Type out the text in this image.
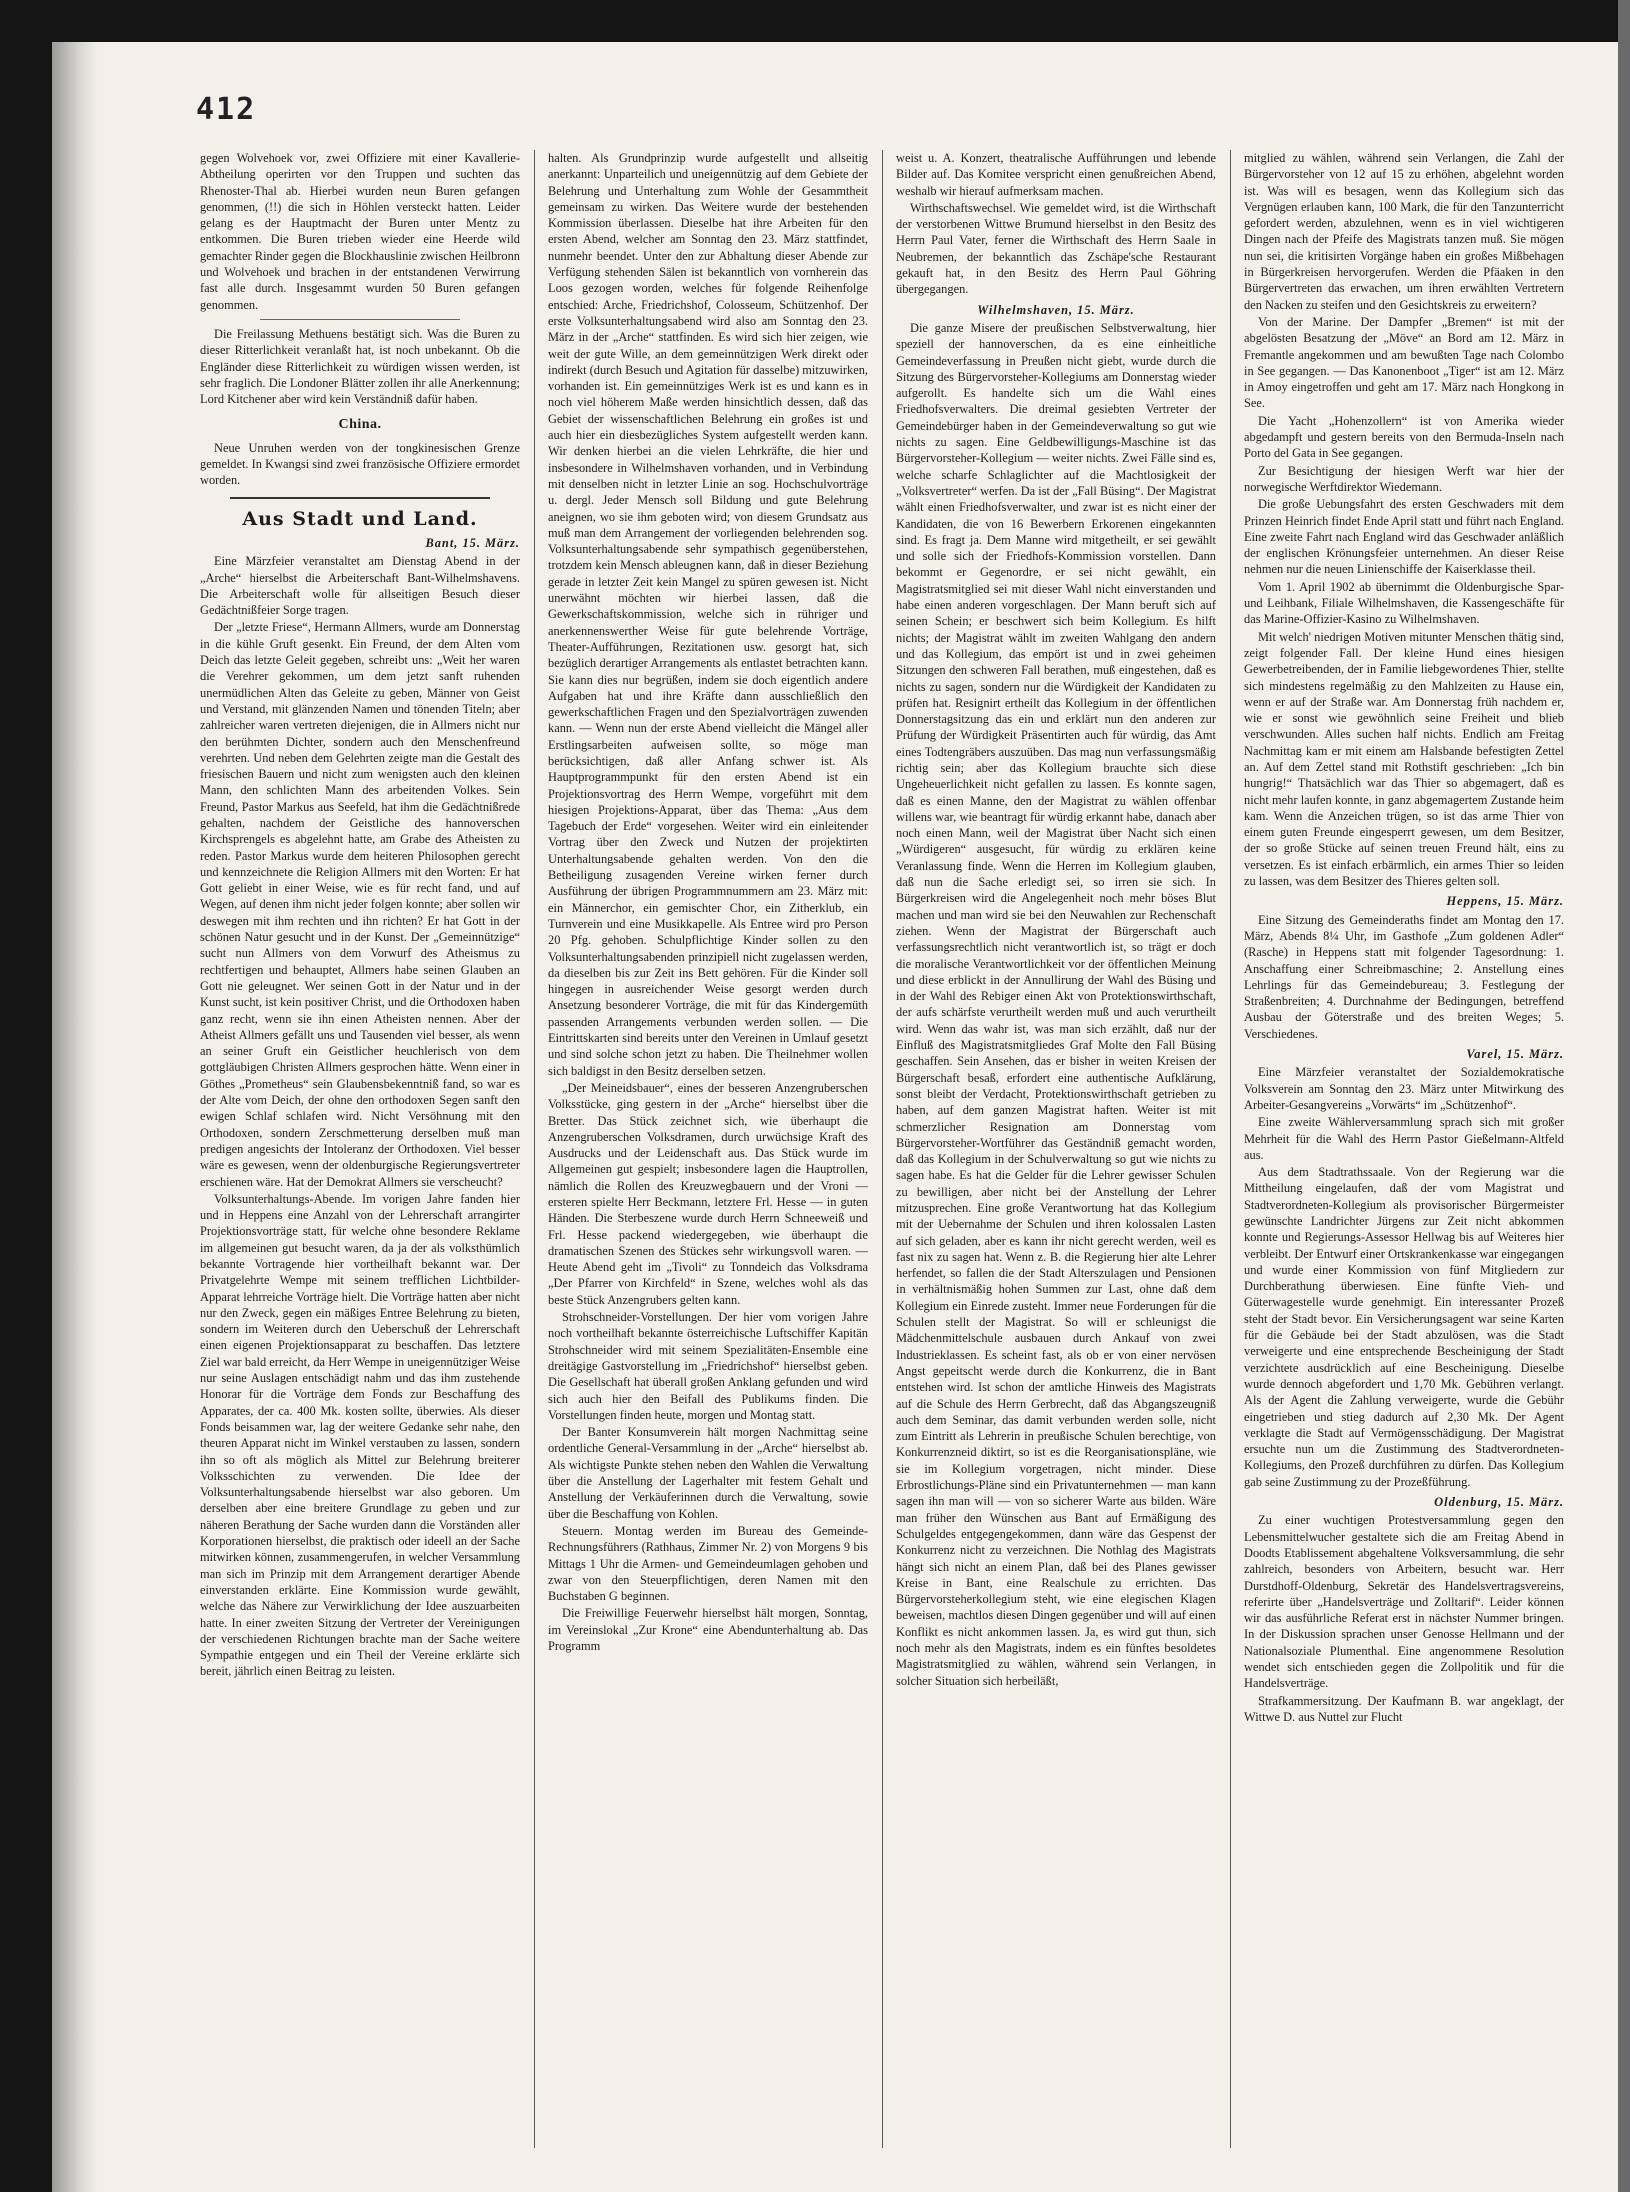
412

gegen Wolvehoek vor, zwei Offiziere mit einer Kavallerie-Abtheilung operirten vor den Truppen und suchten das Rhenoster-Thal ab. Hierbei wurden neun Buren gefangen genommen, (!!) die sich in Höhlen versteckt hatten. Leider gelang es der Hauptmacht der Buren unter Mentz zu entkommen. Die Buren trieben wieder eine Heerde wild gemachter Rinder gegen die Blockhauslinie zwischen Heilbronn und Wolvehoek und brachen in der entstandenen Verwirrung fast alle durch. Insgesammt wurden 50 Buren gefangen genommen.

Die Freilassung Methuens bestätigt sich. Was die Buren zu dieser Ritterlichkeit veranlaßt hat, ist noch unbekannt. Ob die Engländer diese Ritterlichkeit zu würdigen wissen werden, ist sehr fraglich. Die Londoner Blätter zollen ihr alle Anerkennung; Lord Kitchener aber wird kein Verständniß dafür haben.

China.

Neue Unruhen werden von der tongkinesischen Grenze gemeldet. In Kwangsi sind zwei französische Offiziere ermordet worden.

Aus Stadt und Land.
Bant, 15. März.

Eine Märzfeier veranstaltet am Dienstag Abend in der „Arche“ hierselbst die Arbeiterschaft Bant-Wilhelmshavens. Die Arbeiterschaft wolle für allseitigen Besuch dieser Gedächtnißfeier Sorge tragen.

Der „letzte Friese“, Hermann Allmers, wurde am Donnerstag in die kühle Gruft gesenkt. Ein Freund, der dem Alten vom Deich das letzte Geleit gegeben, schreibt uns: „Weit her waren die Verehrer gekommen, um dem jetzt sanft ruhenden unermüdlichen Alten das Geleite zu geben, Männer von Geist und Verstand, mit glänzenden Namen und tönenden Titeln; aber zahlreicher waren vertreten diejenigen, die in Allmers nicht nur den berühmten Dichter, sondern auch den Menschenfreund verehrten. Und neben dem Gelehrten zeigte man die Gestalt des friesischen Bauern und nicht zum wenigsten auch den kleinen Mann, den schlichten Mann des arbeitenden Volkes. Sein Freund, Pastor Markus aus Seefeld, hat ihm die Gedächtnißrede gehalten, nachdem der Geistliche des hannoverschen Kirchsprengels es abgelehnt hatte, am Grabe des Atheisten zu reden. Pastor Markus wurde dem heiteren Philosophen gerecht und kennzeichnete die Religion Allmers mit den Worten: Er hat Gott geliebt in einer Weise, wie es für recht fand, und auf Wegen, auf denen ihm nicht jeder folgen konnte; aber sollen wir deswegen mit ihm rechten und ihn richten? Er hat Gott in der schönen Natur gesucht und in der Kunst. Der „Gemeinnützige“ sucht nun Allmers von dem Vorwurf des Atheismus zu rechtfertigen und behauptet, Allmers habe seinen Glauben an Gott nie geleugnet. Wer seinen Gott in der Natur und in der Kunst sucht, ist kein positiver Christ, und die Orthodoxen haben ganz recht, wenn sie ihn einen Atheisten nennen. Aber der Atheist Allmers gefällt uns und Tausenden viel besser, als wenn an seiner Gruft ein Geistlicher heuchlerisch von dem gottgläubigen Christen Allmers gesprochen hätte. Wenn einer in Göthes „Prometheus“ sein Glaubensbekenntniß fand, so war es der Alte vom Deich, der ohne den orthodoxen Segen sanft den ewigen Schlaf schlafen wird. Nicht Versöhnung mit den Orthodoxen, sondern Zerschmetterung derselben muß man predigen angesichts der Intoleranz der Orthodoxen. Viel besser wäre es gewesen, wenn der oldenburgische Regierungsvertreter erschienen wäre. Hat der Demokrat Allmers sie verscheucht?

Volksunterhaltungs-Abende. Im vorigen Jahre fanden hier und in Heppens eine Anzahl von der Lehrerschaft arrangirter Projektionsvorträge statt, für welche ohne besondere Reklame im allgemeinen gut besucht waren, da ja der als volksthümlich bekannte Vortragende hier vortheilhaft bekannt war. Der Privatgelehrte Wempe mit seinem trefflichen Lichtbilder-Apparat lehrreiche Vorträge hielt. Die Vorträge hatten aber nicht nur den Zweck, gegen ein mäßiges Entree Belehrung zu bieten, sondern im Weiteren durch den Ueberschuß der Lehrerschaft einen eigenen Projektionsapparat zu beschaffen. Das letztere Ziel war bald erreicht, da Herr Wempe in uneigennütziger Weise nur seine Auslagen entschädigt nahm und das ihm zustehende Honorar für die Vorträge dem Fonds zur Beschaffung des Apparates, der ca. 400 Mk. kosten sollte, überwies. Als dieser Fonds beisammen war, lag der weitere Gedanke sehr nahe, den theuren Apparat nicht im Winkel verstauben zu lassen, sondern ihn so oft als möglich als Mittel zur Belehrung breiterer Volksschichten zu verwenden. Die Idee der Volksunterhaltungsabende hierselbst war also geboren. Um derselben aber eine breitere Grundlage zu geben und zur näheren Berathung der Sache wurden dann die Vorständen aller Korporationen hierselbst, die praktisch oder ideell an der Sache mitwirken können, zusammengerufen, in welcher Versammlung man sich im Prinzip mit dem Arrangement derartiger Abende einverstanden erklärte. Eine Kommission wurde gewählt, welche das Nähere zur Verwirklichung der Idee auszuarbeiten hatte. In einer zweiten Sitzung der Vertreter der Vereinigungen der verschiedenen Richtungen brachte man der Sache weitere Sympathie entgegen und ein Theil der Vereine erklärte sich bereit, jährlich einen Beitrag zu leisten.

halten. Als Grundprinzip wurde aufgestellt und allseitig anerkannt: Unparteilich und uneigennützig auf dem Gebiete der Belehrung und Unterhaltung zum Wohle der Gesammtheit gemeinsam zu wirken. Das Weitere wurde der bestehenden Kommission überlassen. Dieselbe hat ihre Arbeiten für den ersten Abend, welcher am Sonntag den 23. März stattfindet, nunmehr beendet. Unter den zur Abhaltung dieser Abende zur Verfügung stehenden Sälen ist bekanntlich von vornherein das Loos gezogen worden, welches für folgende Reihenfolge entschied: Arche, Friedrichshof, Colosseum, Schützenhof. Der erste Volksunterhaltungsabend wird also am Sonntag den 23. März in der „Arche“ stattfinden. Es wird sich hier zeigen, wie weit der gute Wille, an dem gemeinnützigen Werk direkt oder indirekt (durch Besuch und Agitation für dasselbe) mitzuwirken, vorhanden ist. Ein gemeinnütziges Werk ist es und kann es in noch viel höherem Maße werden hinsichtlich dessen, daß das Gebiet der wissenschaftlichen Belehrung ein großes ist und auch hier ein diesbezügliches System aufgestellt werden kann. Wir denken hierbei an die vielen Lehrkräfte, die hier und insbesondere in Wilhelmshaven vorhanden, und in Verbindung mit denselben nicht in letzter Linie an sog. Hochschulvorträge u. dergl. Jeder Mensch soll Bildung und gute Belehrung aneignen, wo sie ihm geboten wird; von diesem Grundsatz aus muß man dem Arrangement der vorliegenden belehrenden sog. Volksunterhaltungsabende sehr sympathisch gegenüberstehen, trotzdem kein Mensch ableugnen kann, daß in dieser Beziehung gerade in letzter Zeit kein Mangel zu spüren gewesen ist. Nicht unerwähnt möchten wir hierbei lassen, daß die Gewerkschaftskommission, welche sich in rühriger und anerkennenswerther Weise für gute belehrende Vorträge, Theater-Aufführungen, Rezitationen usw. gesorgt hat, sich bezüglich derartiger Arrangements als entlastet betrachten kann. Sie kann dies nur begrüßen, indem sie doch eigentlich andere Aufgaben hat und ihre Kräfte dann ausschließlich den gewerkschaftlichen Fragen und den Spezialvorträgen zuwenden kann. — Wenn nun der erste Abend vielleicht die Mängel aller Erstlingsarbeiten aufweisen sollte, so möge man berücksichtigen, daß aller Anfang schwer ist. Als Hauptprogrammpunkt für den ersten Abend ist ein Projektionsvortrag des Herrn Wempe, vorgeführt mit dem hiesigen Projektions-Apparat, über das Thema: „Aus dem Tagebuch der Erde“ vorgesehen. Weiter wird ein einleitender Vortrag über den Zweck und Nutzen der projektirten Unterhaltungsabende gehalten werden. Von den die Betheiligung zusagenden Vereine wirken ferner durch Ausführung der übrigen Programmnummern am 23. März mit: ein Männerchor, ein gemischter Chor, ein Zitherklub, ein Turnverein und eine Musikkapelle. Als Entree wird pro Person 20 Pfg. gehoben. Schulpflichtige Kinder sollen zu den Volksunterhaltungsabenden prinzipiell nicht zugelassen werden, da dieselben bis zur Zeit ins Bett gehören. Für die Kinder soll hingegen in ausreichender Weise gesorgt werden durch Ansetzung besonderer Vorträge, die mit für das Kindergemüth passenden Arrangements verbunden werden sollen. — Die Eintrittskarten sind bereits unter den Vereinen in Umlauf gesetzt und sind solche schon jetzt zu haben. Die Theilnehmer wollen sich baldigst in den Besitz derselben setzen.

„Der Meineidsbauer“, eines der besseren Anzengruberschen Volksstücke, ging gestern in der „Arche“ hierselbst über die Bretter. Das Stück zeichnet sich, wie überhaupt die Anzengruberschen Volksdramen, durch urwüchsige Kraft des Ausdrucks und der Leidenschaft aus. Das Stück wurde im Allgemeinen gut gespielt; insbesondere lagen die Hauptrollen, nämlich die Rollen des Kreuzwegbauern und der Vroni — ersteren spielte Herr Beckmann, letztere Frl. Hesse — in guten Händen. Die Sterbeszene wurde durch Herrn Schneeweiß und Frl. Hesse packend wiedergegeben, wie überhaupt die dramatischen Szenen des Stückes sehr wirkungsvoll waren. — Heute Abend geht im „Tivoli“ zu Tonndeich das Volksdrama „Der Pfarrer von Kirchfeld“ in Szene, welches wohl als das beste Stück Anzengrubers gelten kann.

Strohschneider-Vorstellungen. Der hier vom vorigen Jahre noch vortheilhaft bekannte österreichische Luftschiffer Kapitän Strohschneider wird mit seinem Spezialitäten-Ensemble eine dreitägige Gastvorstellung im „Friedrichshof“ hierselbst geben. Die Gesellschaft hat überall großen Anklang gefunden und wird sich auch hier den Beifall des Publikums finden. Die Vorstellungen finden heute, morgen und Montag statt.

Der Banter Konsumverein hält morgen Nachmittag seine ordentliche General-Versammlung in der „Arche“ hierselbst ab. Als wichtigste Punkte stehen neben den Wahlen die Verwaltung über die Anstellung der Lagerhalter mit festem Gehalt und Anstellung der Verkäuferinnen durch die Verwaltung, sowie über die Beschaffung von Kohlen.

Steuern. Montag werden im Bureau des Gemeinde-Rechnungsführers (Rathhaus, Zimmer Nr. 2) von Morgens 9 bis Mittags 1 Uhr die Armen- und Gemeindeumlagen gehoben und zwar von den Steuerpflichtigen, deren Namen mit den Buchstaben G beginnen.

Die Freiwillige Feuerwehr hierselbst hält morgen, Sonntag, im Vereinslokal „Zur Krone“ eine Abendunterhaltung ab. Das Programm

weist u. A. Konzert, theatralische Aufführungen und lebende Bilder auf. Das Komitee verspricht einen genußreichen Abend, weshalb wir hierauf aufmerksam machen.

Wirthschaftswechsel. Wie gemeldet wird, ist die Wirthschaft der verstorbenen Wittwe Brumund hierselbst in den Besitz des Herrn Paul Vater, ferner die Wirthschaft des Herrn Saale in Neubremen, der bekanntlich das Zschäpe'sche Restaurant gekauft hat, in den Besitz des Herrn Paul Göhring übergegangen.

Wilhelmshaven, 15. März.

Die ganze Misere der preußischen Selbstverwaltung, hier speziell der hannoverschen, da es eine einheitliche Gemeindeverfassung in Preußen nicht giebt, wurde durch die Sitzung des Bürgervorsteher-Kollegiums am Donnerstag wieder aufgerollt. Es handelte sich um die Wahl eines Friedhofsverwalters. Die dreimal gesiebten Vertreter der Gemeindebürger haben in der Gemeindeverwaltung so gut wie nichts zu sagen. Eine Geldbewilligungs-Maschine ist das Bürgervorsteher-Kollegium — weiter nichts. Zwei Fälle sind es, welche scharfe Schlaglichter auf die Machtlosigkeit der „Volksvertreter“ werfen. Da ist der „Fall Büsing“. Der Magistrat wählt einen Friedhofsverwalter, und zwar ist es nicht einer der Kandidaten, die von 16 Bewerbern Erkorenen eingekannten sind. Es fragt ja. Dem Manne wird mitgetheilt, er sei gewählt und solle sich der Friedhofs-Kommission vorstellen. Dann bekommt er Gegenordre, er sei nicht gewählt, ein Magistratsmitglied sei mit dieser Wahl nicht einverstanden und habe einen anderen vorgeschlagen. Der Mann beruft sich auf seinen Schein; er beschwert sich beim Kollegium. Es hilft nichts; der Magistrat wählt im zweiten Wahlgang den andern und das Kollegium, das empört ist und in zwei geheimen Sitzungen den schweren Fall berathen, muß eingestehen, daß es nichts zu sagen, sondern nur die Würdigkeit der Kandidaten zu prüfen hat. Resignirt ertheilt das Kollegium in der öffentlichen Donnerstagsitzung das ein und erklärt nun den anderen zur Prüfung der Würdigkeit Präsentirten auch für würdig, das Amt eines Todtengräbers auszuüben. Das mag nun verfassungsmäßig richtig sein; aber das Kollegium brauchte sich diese Ungeheuerlichkeit nicht gefallen zu lassen. Es konnte sagen, daß es einen Manne, den der Magistrat zu wählen offenbar willens war, wie beantragt für würdig erkannt habe, danach aber noch einen Mann, weil der Magistrat über Nacht sich einen „Würdigeren“ ausgesucht, für würdig zu erklären keine Veranlassung finde. Wenn die Herren im Kollegium glauben, daß nun die Sache erledigt sei, so irren sie sich. In Bürgerkreisen wird die Angelegenheit noch mehr böses Blut machen und man wird sie bei den Neuwahlen zur Rechenschaft ziehen. Wenn der Magistrat der Bürgerschaft auch verfassungsrechtlich nicht verantwortlich ist, so trägt er doch die moralische Verantwortlichkeit vor der öffentlichen Meinung und diese erblickt in der Annullirung der Wahl des Büsing und in der Wahl des Rebiger einen Akt von Protektionswirthschaft, der aufs schärfste verurtheilt werden muß und auch verurtheilt wird. Wenn das wahr ist, was man sich erzählt, daß nur der Einfluß des Magistratsmitgliedes Graf Molte den Fall Büsing geschaffen. Sein Ansehen, das er bisher in weiten Kreisen der Bürgerschaft besaß, erfordert eine authentische Aufklärung, sonst bleibt der Verdacht, Protektionswirthschaft getrieben zu haben, auf dem ganzen Magistrat haften. Weiter ist mit schmerzlicher Resignation am Donnerstag vom Bürgervorsteher-Wortführer das Geständniß gemacht worden, daß das Kollegium in der Schulverwaltung so gut wie nichts zu sagen habe. Es hat die Gelder für die Lehrer gewisser Schulen zu bewilligen, aber nicht bei der Anstellung der Lehrer mitzusprechen. Eine große Verantwortung hat das Kollegium mit der Uebernahme der Schulen und ihren kolossalen Lasten auf sich geladen, aber es kann ihr nicht gerecht werden, weil es fast nix zu sagen hat. Wenn z. B. die Regierung hier alte Lehrer herfendet, so fallen die der Stadt Alterszulagen und Pensionen in verhältnismäßig hohen Summen zur Last, ohne daß dem Kollegium ein Einrede zusteht. Immer neue Forderungen für die Schulen stellt der Magistrat. So will er schleunigst die Mädchenmittelschule ausbauen durch Ankauf von zwei Industrieklassen. Es scheint fast, als ob er von einer nervösen Angst gepeitscht werde durch die Konkurrenz, die in Bant entstehen wird. Ist schon der amtliche Hinweis des Magistrats auf die Schule des Herrn Gerbrecht, daß das Abgangszeugniß auch dem Seminar, das damit verbunden werden solle, nicht zum Eintritt als Lehrerin in preußische Schulen berechtige, von Konkurrenzneid diktirt, so ist es die Reorganisationspläne, wie sie im Kollegium vorgetragen, nicht minder. Diese Erbrostlichungs-Pläne sind ein Privatunternehmen — man kann sagen ihn man will — von so sicherer Warte aus bilden. Wäre man früher den Wünschen aus Bant auf Ermäßigung des Schulgeldes entgegengekommen, dann wäre das Gespenst der Konkurrenz nicht zu verzeichnen. Die Nothlag des Magistrats hängt sich nicht an einem Plan, daß bei des Planes gewisser Kreise in Bant, eine Realschule zu errichten. Das Bürgervorsteherkollegium steht, wie eine elegischen Klagen beweisen, machtlos diesen Dingen gegenüber und will auf einen Konflikt es nicht ankommen lassen. Ja, es wird gut thun, sich noch mehr als den Magistrats, indem es ein fünftes besoldetes Magistratsmitglied zu wählen, während sein Verlangen, in solcher Situation sich herbeiläßt,

mitglied zu wählen, während sein Verlangen, die Zahl der Bürgervorsteher von 12 auf 15 zu erhöhen, abgelehnt worden ist. Was will es besagen, wenn das Kollegium sich das Vergnügen erlauben kann, 100 Mark, die für den Tanzunterricht gefordert werden, abzulehnen, wenn es in viel wichtigeren Dingen nach der Pfeife des Magistrats tanzen muß. Sie mögen nun sei, die kritisirten Vorgänge haben ein großes Mißbehagen in Bürgerkreisen hervorgerufen. Werden die Pfäaken in den Bürgervertreten das erwachen, um ihren erwählten Vertretern den Nacken zu steifen und den Gesichtskreis zu erweitern?

Von der Marine. Der Dampfer „Bremen“ ist mit der abgelösten Besatzung der „Möve“ an Bord am 12. März in Fremantle angekommen und am bewußten Tage nach Colombo in See gegangen. — Das Kanonenboot „Tiger“ ist am 12. März in Amoy eingetroffen und geht am 17. März nach Hongkong in See.

Die Yacht „Hohenzollern“ ist von Amerika wieder abgedampft und gestern bereits von den Bermuda-Inseln nach Porto del Gata in See gegangen.

Zur Besichtigung der hiesigen Werft war hier der norwegische Werftdirektor Wiedemann.

Die große Uebungsfahrt des ersten Geschwaders mit dem Prinzen Heinrich findet Ende April statt und führt nach England. Eine zweite Fahrt nach England wird das Geschwader anläßlich der englischen Krönungsfeier unternehmen. An dieser Reise nehmen nur die neuen Linienschiffe der Kaiserklasse theil.

Vom 1. April 1902 ab übernimmt die Oldenburgische Spar- und Leihbank, Filiale Wilhelmshaven, die Kassengeschäfte für das Marine-Offizier-Kasino zu Wilhelmshaven.

Mit welch' niedrigen Motiven mitunter Menschen thätig sind, zeigt folgender Fall. Der kleine Hund eines hiesigen Gewerbetreibenden, der in Familie liebgewordenes Thier, stellte sich mindestens regelmäßig zu den Mahlzeiten zu Hause ein, wenn er auf der Straße war. Am Donnerstag früh nachdem er, wie er sonst wie gewöhnlich seine Freiheit und blieb verschwunden. Alles suchen half nichts. Endlich am Freitag Nachmittag kam er mit einem am Halsbande befestigten Zettel an. Auf dem Zettel stand mit Rothstift geschrieben: „Ich bin hungrig!“ Thatsächlich war das Thier so abgemagert, daß es nicht mehr laufen konnte, in ganz abgemagertem Zustande heim kam. Wenn die Anzeichen trügen, so ist das arme Thier von einem guten Freunde eingesperrt gewesen, um dem Besitzer, der so große Stücke auf seinen treuen Freund hält, eins zu versetzen. Es ist einfach erbärmlich, ein armes Thier so leiden zu lassen, was dem Besitzer des Thieres gelten soll.

Heppens, 15. März.

Eine Sitzung des Gemeinderaths findet am Montag den 17. März, Abends 8¼ Uhr, im Gasthofe „Zum goldenen Adler“ (Rasche) in Heppens statt mit folgender Tagesordnung: 1. Anschaffung einer Schreibmaschine; 2. Anstellung eines Lehrlings für das Gemeindebureau; 3. Festlegung der Straßenbreiten; 4. Durchnahme der Bedingungen, betreffend Ausbau der Göterstraße und des breiten Weges; 5. Verschiedenes.

Varel, 15. März.

Eine Märzfeier veranstaltet der Sozialdemokratische Volksverein am Sonntag den 23. März unter Mitwirkung des Arbeiter-Gesangvereins „Vorwärts“ im „Schützenhof“.

Eine zweite Wählerversammlung sprach sich mit großer Mehrheit für die Wahl des Herrn Pastor Gießelmann-Altfeld aus.

Aus dem Stadtrathssaale. Von der Regierung war die Mittheilung eingelaufen, daß der vom Magistrat und Stadtverordneten-Kollegium als provisorischer Bürgermeister gewünschte Landrichter Jürgens zur Zeit nicht abkommen konnte und Regierungs-Assessor Hellwag bis auf Weiteres hier verbleibt. Der Entwurf einer Ortskrankenkasse war eingegangen und wurde einer Kommission von fünf Mitgliedern zur Durchberathung überwiesen. Eine fünfte Vieh- und Güterwagestelle wurde genehmigt. Ein interessanter Prozeß steht der Stadt bevor. Ein Versicherungsagent war seine Karten für die Gebäude bei der Stadt abzulösen, was die Stadt verweigerte und eine entsprechende Bescheinigung der Stadt verzichtete ausdrücklich auf eine Bescheinigung. Dieselbe wurde dennoch abgefordert und 1,70 Mk. Gebühren verlangt. Als der Agent die Zahlung verweigerte, wurde die Gebühr eingetrieben und stieg dadurch auf 2,30 Mk. Der Agent verklagte die Stadt auf Vermögensschädigung. Der Magistrat ersuchte nun um die Zustimmung des Stadtverordneten-Kollegiums, den Prozeß durchführen zu dürfen. Das Kollegium gab seine Zustimmung zu der Prozeßführung.

Oldenburg, 15. März.

Zu einer wuchtigen Protestversammlung gegen den Lebensmittelwucher gestaltete sich die am Freitag Abend in Doodts Etablissement abgehaltene Volksversammlung, die sehr zahlreich, besonders von Arbeitern, besucht war. Herr Durstdhoff-Oldenburg, Sekretär des Handelsvertragsvereins, referirte über „Handelsverträge und Zolltarif“. Leider können wir das ausführliche Referat erst in nächster Nummer bringen. In der Diskussion sprachen unser Genosse Hellmann und der Nationalsoziale Plumenthal. Eine angenommene Resolution wendet sich entschieden gegen die Zollpolitik und für die Handelsverträge.

Strafkammersitzung. Der Kaufmann B. war angeklagt, der Wittwe D. aus Nuttel zur Flucht
